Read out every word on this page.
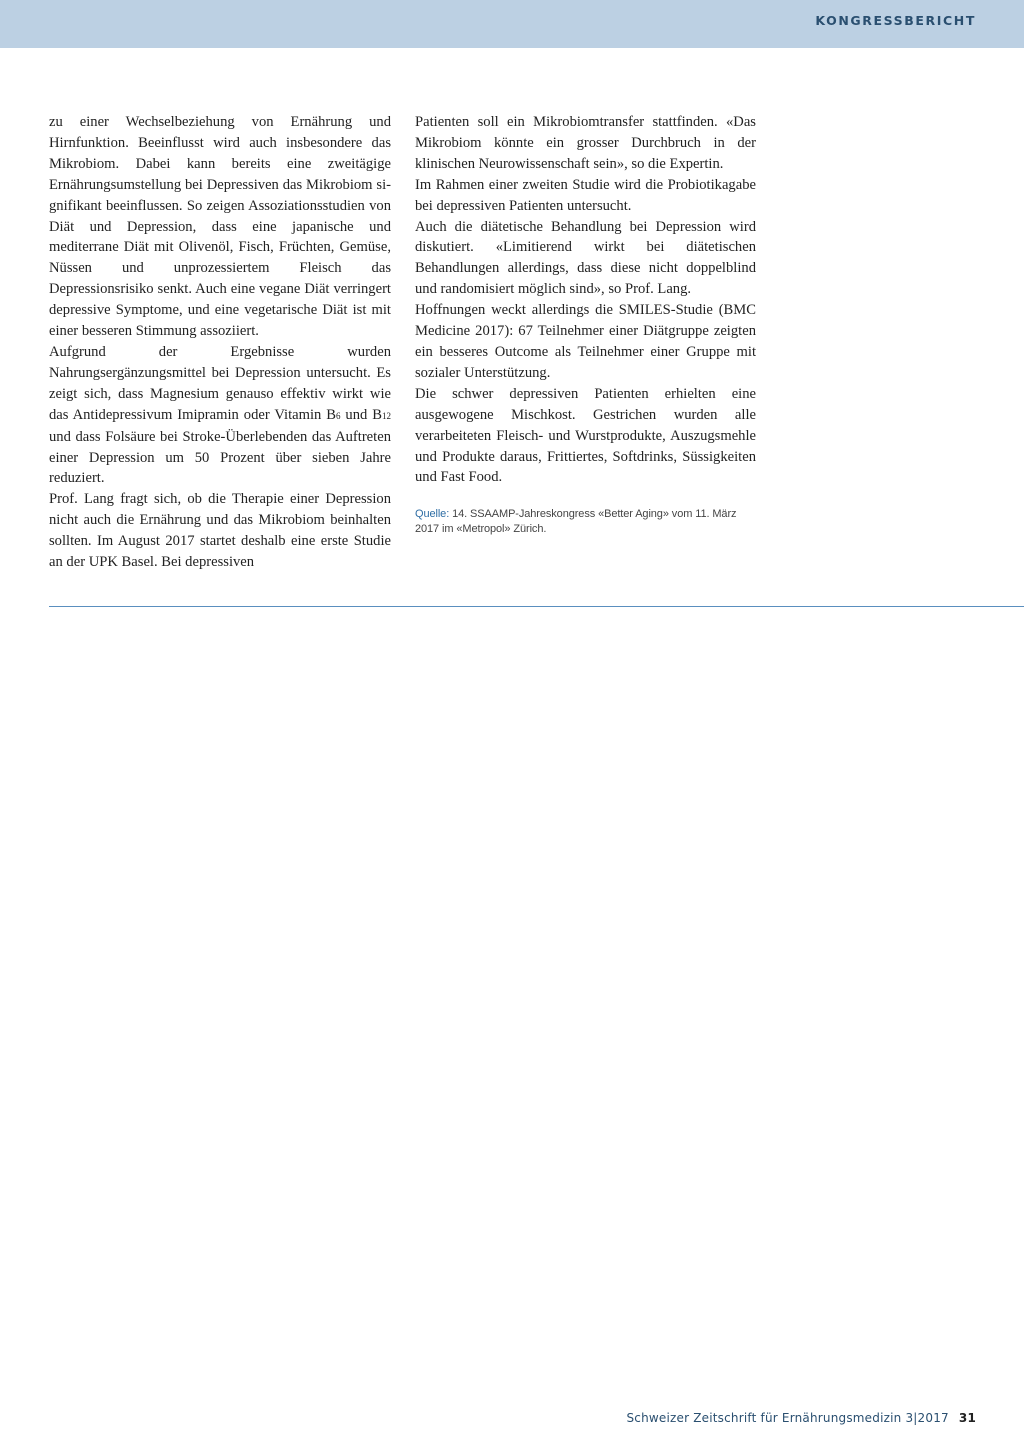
KONGRESSBERICHT

zu einer Wechselbeziehung von Ernährung und Hirnfunktion. Beeinflusst wird auch insbesondere das Mikrobiom. Dabei kann bereits eine zweitägige Ernährungsumstellung bei Depressiven das Mikrobiom si-gnifikant beeinflussen. So zeigen Assoziationsstudien von Diät und Depression, dass eine japanische und mediterrane Diät mit Olivenöl, Fisch, Früchten, Gemüse, Nüssen und unprozessiertem Fleisch das Depressionsrisiko senkt. Auch eine vegane Diät verringert depressive Symptome, und eine vegetarische Diät ist mit einer besseren Stimmung assoziiert.

Aufgrund der Ergebnisse wurden Nahrungsergänzungsmittel bei Depression untersucht. Es zeigt sich, dass Magnesium genauso effektiv wirkt wie das Antidepressivum Imipramin oder Vitamin B6 und B12 und dass Folsäure bei Stroke-Überlebenden das Auftreten einer Depression um 50 Prozent über sieben Jahre reduziert.

Prof. Lang fragt sich, ob die Therapie einer Depression nicht auch die Ernährung und das Mikrobiom beinhalten sollten. Im August 2017 startet deshalb eine erste Studie an der UPK Basel. Bei depressiven

Patienten soll ein Mikrobiomtransfer stattfinden. «Das Mikrobiom könnte ein grosser Durchbruch in der klinischen Neurowissenschaft sein», so die Expertin.

Im Rahmen einer zweiten Studie wird die Probiotikagabe bei depressiven Patienten untersucht.

Auch die diätetische Behandlung bei Depression wird diskutiert. «Limitierend wirkt bei diätetischen Behandlungen allerdings, dass diese nicht doppelblind und randomisiert möglich sind», so Prof. Lang.

Hoffnungen weckt allerdings die SMILES-Studie (BMC Medicine 2017): 67 Teilnehmer einer Diätgruppe zeigten ein besseres Outcome als Teilnehmer einer Gruppe mit sozialer Unterstützung.

Die schwer depressiven Patienten erhielten eine ausgewogene Mischkost. Gestrichen wurden alle verarbeiteten Fleisch- und Wurstprodukte, Auszugsmehle und Produkte daraus, Frittiertes, Softdrinks, Süssigkeiten und Fast Food.

Quelle: 14. SSAAMP-Jahreskongress «Better Aging» vom 11. März 2017 im «Metropol» Zürich.
Schweizer Zeitschrift für Ernährungsmedizin 3|2017 31
